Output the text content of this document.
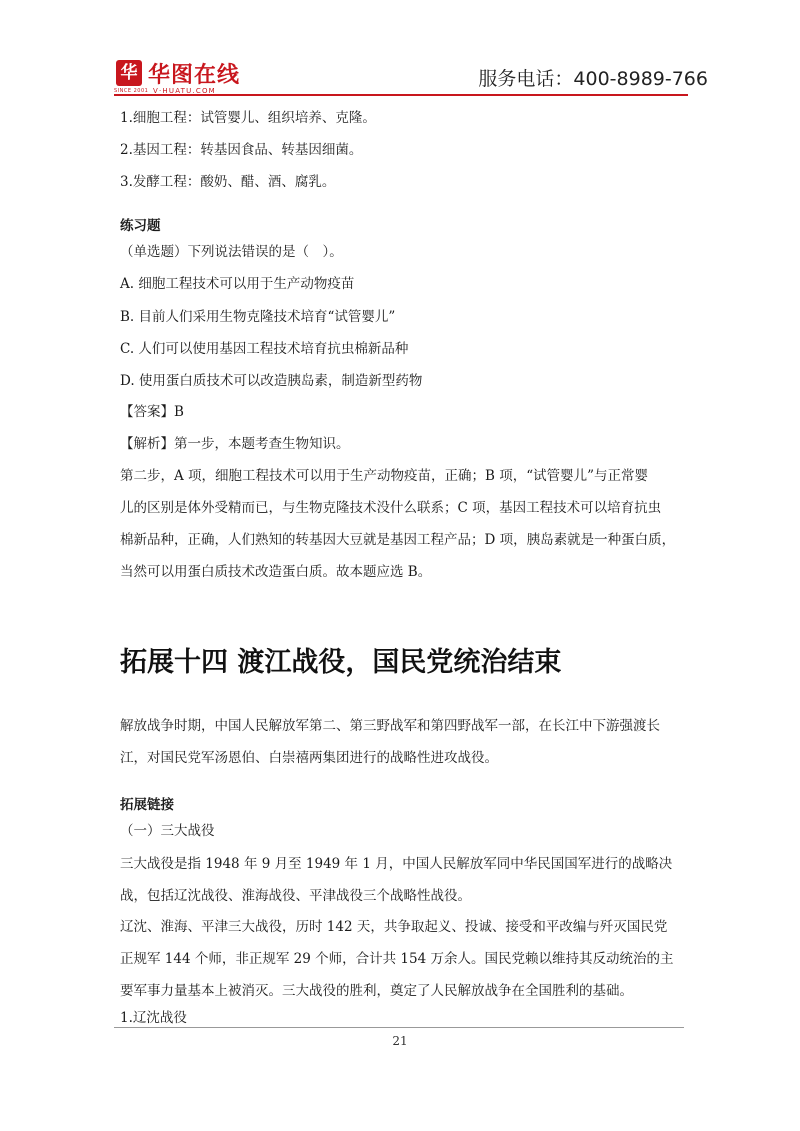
华
SINCE 2001
华图在线
V·HUATU.COM
服务电话：400-8989-766
1.细胞工程：试管婴儿、组织培养、克隆。
2.基因工程：转基因食品、转基因细菌。
3.发酵工程：酸奶、醋、酒、腐乳。
练习题
（单选题）下列说法错误的是（　）。
A. 细胞工程技术可以用于生产动物疫苗
B. 目前人们采用生物克隆技术培育“试管婴儿”
C. 人们可以使用基因工程技术培育抗虫棉新品种
D. 使用蛋白质技术可以改造胰岛素，制造新型药物
【答案】B
【解析】第一步，本题考查生物知识。
第二步，A 项，细胞工程技术可以用于生产动物疫苗，正确；B 项，“试管婴儿”与正常婴
儿的区别是体外受精而已，与生物克隆技术没什么联系；C 项，基因工程技术可以培育抗虫
棉新品种，正确，人们熟知的转基因大豆就是基因工程产品；D 项，胰岛素就是一种蛋白质，
当然可以用蛋白质技术改造蛋白质。故本题应选 B。
拓展十四 渡江战役，国民党统治结束
解放战争时期，中国人民解放军第二、第三野战军和第四野战军一部，在长江中下游强渡长
江，对国民党军汤恩伯、白崇禧两集团进行的战略性进攻战役。
拓展链接
（一）三大战役
三大战役是指 1948 年 9 月至 1949 年 1 月，中国人民解放军同中华民国国军进行的战略决
战，包括辽沈战役、淮海战役、平津战役三个战略性战役。
辽沈、淮海、平津三大战役，历时 142 天，共争取起义、投诚、接受和平改编与歼灭国民党
正规军 144 个师，非正规军 29 个师，合计共 154 万余人。国民党赖以维持其反动统治的主
要军事力量基本上被消灭。三大战役的胜利，奠定了人民解放战争在全国胜利的基础。
1.辽沈战役
21
